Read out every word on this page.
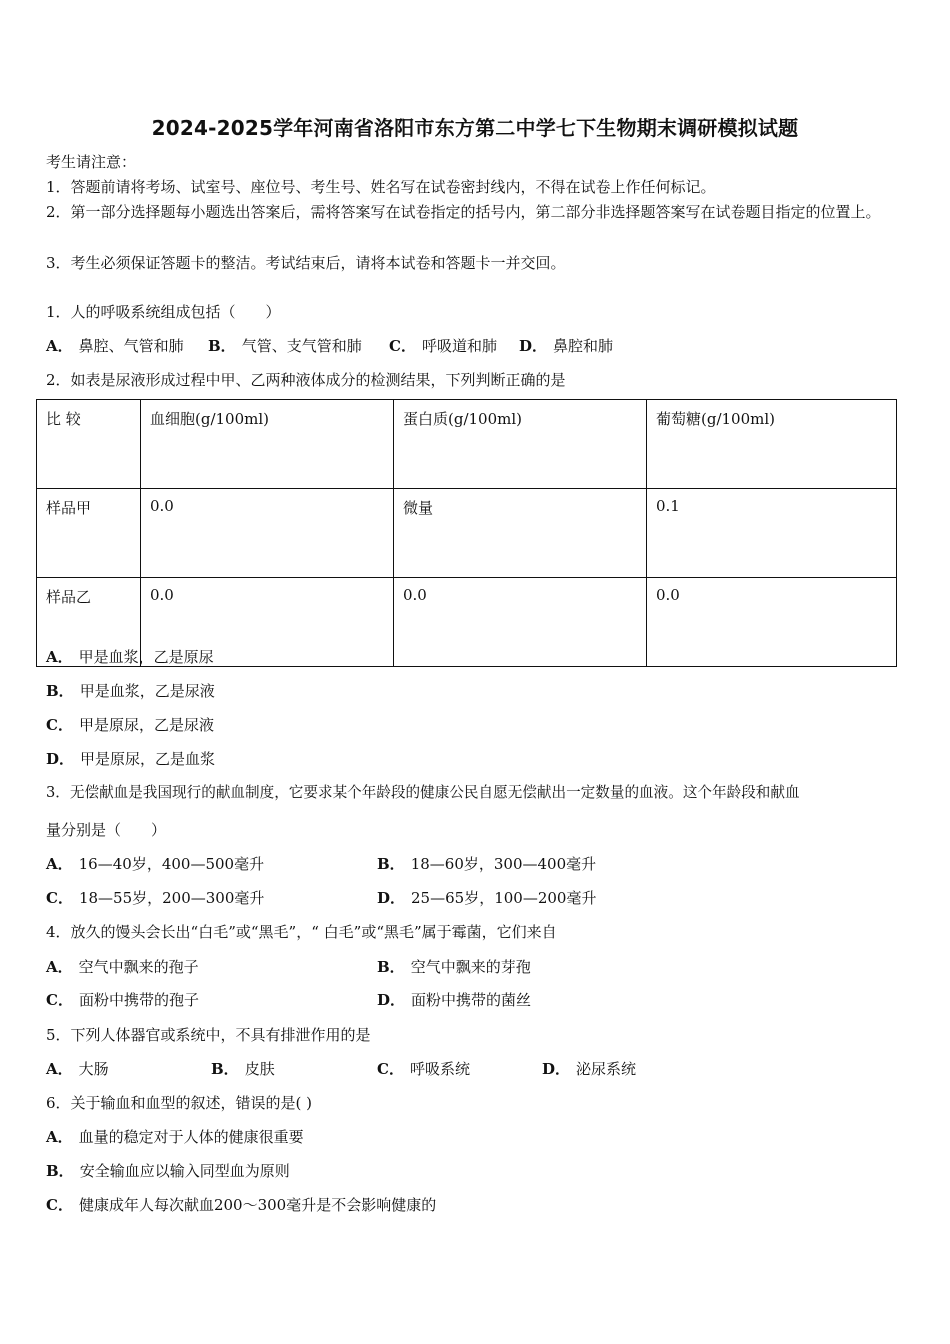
2024-2025学年河南省洛阳市东方第二中学七下生物期末调研模拟试题
考生请注意：
1．答题前请将考场、试室号、座位号、考生号、姓名写在试卷密封线内，不得在试卷上作任何标记。
2．第一部分选择题每小题选出答案后，需将答案写在试卷指定的括号内，第二部分非选择题答案写在试卷题目指定的位置上。
3．考生必须保证答题卡的整洁。考试结束后，请将本试卷和答题卡一并交回。
1．人的呼吸系统组成包括（　　）
A． 鼻腔、气管和肺 B． 气管、支气管和肺 C． 呼吸道和肺 D． 鼻腔和肺
2．如表是尿液形成过程中甲、乙两种液体成分的检测结果，下列判断正确的是
比 较	血细胞(g/100ml)	蛋白质(g/100ml)	葡萄糖(g/100ml)
样品甲	0.0	微量	0.1
样品乙	0.0	0.0	0.0
A． 甲是血浆，乙是原尿
B． 甲是血浆，乙是尿液
C． 甲是原尿，乙是尿液
D． 甲是原尿，乙是血浆
3．无偿献血是我国现行的献血制度，它要求某个年龄段的健康公民自愿无偿献出一定数量的血液。这个年龄段和献血
量分别是（　　）
A． 16—40岁，400—500毫升	B． 18—60岁，300—400毫升
C． 18—55岁，200—300毫升	D． 25—65岁，100—200毫升
4．放久的馒头会长出“白毛”或“黑毛”，“ 白毛”或“黑毛”属于霉菌，它们来自
A． 空气中飘来的孢子	B． 空气中飘来的芽孢
C． 面粉中携带的孢子	D． 面粉中携带的菌丝
5．下列人体器官或系统中，不具有排泄作用的是
A． 大肠	B． 皮肤	C． 呼吸系统	D． 泌尿系统
6．关于输血和血型的叙述，错误的是( )
A． 血量的稳定对于人体的健康很重要
B． 安全输血应以输入同型血为原则
C． 健康成年人每次献血200～300毫升是不会影响健康的
